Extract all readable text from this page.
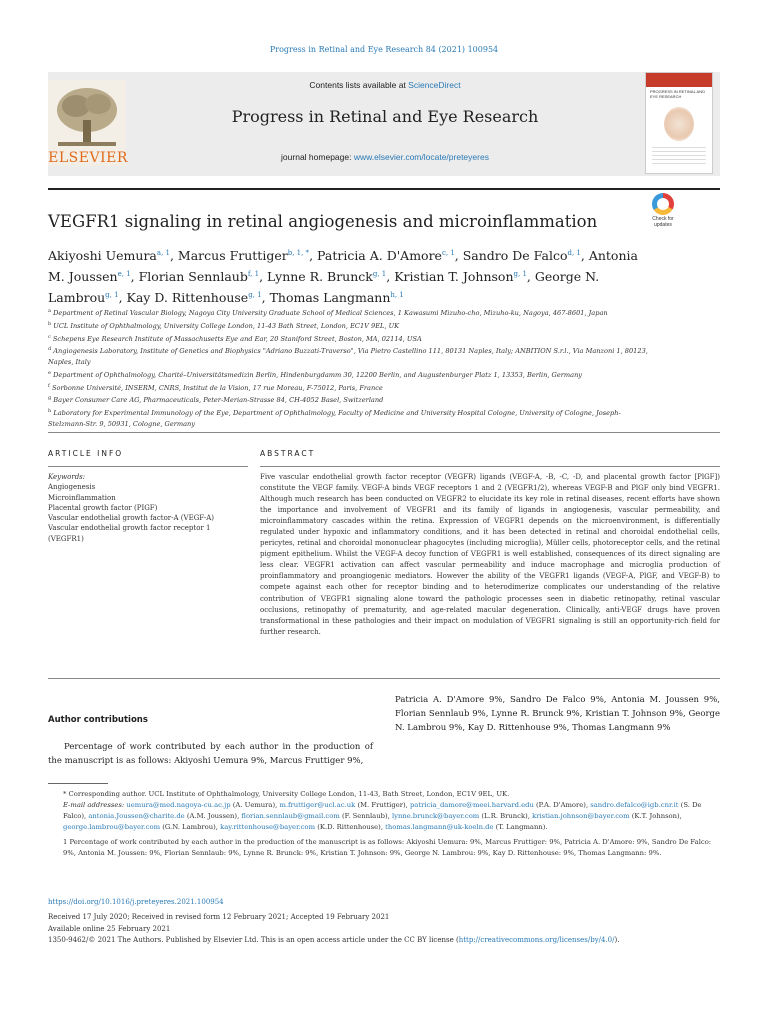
Progress in Retinal and Eye Research 84 (2021) 100954
ELSEVIER
Contents lists available at ScienceDirect
Progress in Retinal and Eye Research
journal homepage: www.elsevier.com/locate/preteyeres
PROGRESS IN RETINAL AND EYE RESEARCH
VEGFR1 signaling in retinal angiogenesis and microinflammation	Check for
updates
Akiyoshi Uemura$^{a, 1}$, Marcus Fruttiger$^{b, 1, *}$, Patricia A. D'Amore$^{c, 1}$, Sandro De Falco$^{d, 1}$, Antonia M. Joussen$^{e, 1}$, Florian Sennlaub$^{f, 1}$, Lynne R. Brunck$^{g, 1}$, Kristian T. Johnson$^{g, 1}$, George N. Lambrou$^{g, 1}$, Kay D. Rittenhouse$^{g, 1}$, Thomas Langmann$^{h, 1}$
$^a$ Department of Retinal Vascular Biology, Nagoya City University Graduate School of Medical Sciences, 1 Kawasumi Mizuho-cho, Mizuho-ku, Nagoya, 467-8601, Japan
$^b$ UCL Institute of Ophthalmology, University College London, 11-43 Bath Street, London, EC1V 9EL, UK
$^c$ Schepens Eye Research Institute of Massachusetts Eye and Ear, 20 Staniford Street, Boston, MA, 02114, USA
$^d$ Angiogenesis Laboratory, Institute of Genetics and Biophysics "Adriano Buzzati-Traverso", Via Pietro Castellino 111, 80131 Naples, Italy; ANBITION S.r.l., Via Manzoni 1, 80123, Naples, Italy
$^e$ Department of Ophthalmology, Charité–Universitätsmedizin Berlin, Hindenburgdamm 30, 12200 Berlin, and Augustenburger Platz 1, 13353, Berlin, Germany
$^f$ Sorbonne Université, INSERM, CNRS, Institut de la Vision, 17 rue Moreau, F-75012, Paris, France
$^g$ Bayer Consumer Care AG, Pharmaceuticals, Peter-Merian-Strasse 84, CH-4052 Basel, Switzerland
$^h$ Laboratory for Experimental Immunology of the Eye, Department of Ophthalmology, Faculty of Medicine and University Hospital Cologne, University of Cologne, Joseph-Stelzmann-Str. 9, 50931, Cologne, Germany
ARTICLE INFO	ABSTRACT
Keywords:
Angiogenesis
Microinflammation
Placental growth factor (PIGF)
Vascular endothelial growth factor-A (VEGF-A)
Vascular endothelial growth factor receptor 1 (VEGFR1)
Five vascular endothelial growth factor receptor (VEGFR) ligands (VEGF-A, -B, -C, -D, and placental growth factor [PlGF]) constitute the VEGF family. VEGF-A binds VEGF receptors 1 and 2 (VEGFR1/2), whereas VEGF-B and PlGF only bind VEGFR1. Although much research has been conducted on VEGFR2 to elucidate its key role in retinal diseases, recent efforts have shown the importance and involvement of VEGFR1 and its family of ligands in angiogenesis, vascular permeability, and microinflammatory cascades within the retina. Expression of VEGFR1 depends on the microenvironment, is differentially regulated under hypoxic and inflammatory conditions, and it has been detected in retinal and choroidal endothelial cells, pericytes, retinal and choroidal mononuclear phagocytes (including microglia), Müller cells, photoreceptor cells, and the retinal pigment epithelium. Whilst the VEGF-A decoy function of VEGFR1 is well established, consequences of its direct signaling are less clear. VEGFR1 activation can affect vascular permeability and induce macrophage and microglia production of proinflammatory and proangiogenic mediators. However the ability of the VEGFR1 ligands (VEGF-A, PlGF, and VEGF-B) to compete against each other for receptor binding and to heterodimerize complicates our understanding of the relative contribution of VEGFR1 signaling alone toward the pathologic processes seen in diabetic retinopathy, retinal vascular occlusions, retinopathy of prematurity, and age-related macular degeneration. Clinically, anti-VEGF drugs have proven transformational in these pathologies and their impact on modulation of VEGFR1 signaling is still an opportunity-rich field for further research.
Author contributions
Percentage of work contributed by each author in the production of the manuscript is as follows: Akiyoshi Uemura 9%, Marcus Fruttiger 9%,
Patricia A. D'Amore 9%, Sandro De Falco 9%, Antonia M. Joussen 9%, Florian Sennlaub 9%, Lynne R. Brunck 9%, Kristian T. Johnson 9%, George N. Lambrou 9%, Kay D. Rittenhouse 9%, Thomas Langmann 9%

* Corresponding author. UCL Institute of Ophthalmology, University College London, 11-43, Bath Street, London, EC1V 9EL, UK.

E-mail addresses: uemura@med.nagoya-cu.ac.jp (A. Uemura), m.fruttiger@ucl.ac.uk (M. Fruttiger), patricia_damore@meei.harvard.edu (P.A. D'Amore), sandro.defalco@igb.cnr.it (S. De Falco), antonia.Joussen@charite.de (A.M. Joussen), florian.sennlaub@gmail.com (F. Sennlaub), lynne.brunck@bayer.com (L.R. Brunck), kristian.johnson@bayer.com (K.T. Johnson), george.lambrou@bayer.com (G.N. Lambrou), kay.rittenhouse@bayer.com (K.D. Rittenhouse), thomas.langmann@uk-koeln.de (T. Langmann).

1 Percentage of work contributed by each author in the production of the manuscript is as follows: Akiyoshi Uemura: 9%, Marcus Fruttiger: 9%, Patricia A. D'Amore: 9%, Sandro De Falco: 9%, Antonia M. Joussen: 9%, Florian Sennlaub: 9%, Lynne R. Brunck: 9%, Kristian T. Johnson: 9%, George N. Lambrou: 9%, Kay D. Rittenhouse: 9%, Thomas Langmann: 9%.

https://doi.org/10.1016/j.preteyeres.2021.100954

Received 17 July 2020; Received in revised form 12 February 2021; Accepted 19 February 2021

Available online 25 February 2021

1350-9462/© 2021 The Authors. Published by Elsevier Ltd. This is an open access article under the CC BY license (http://creativecommons.org/licenses/by/4.0/).
